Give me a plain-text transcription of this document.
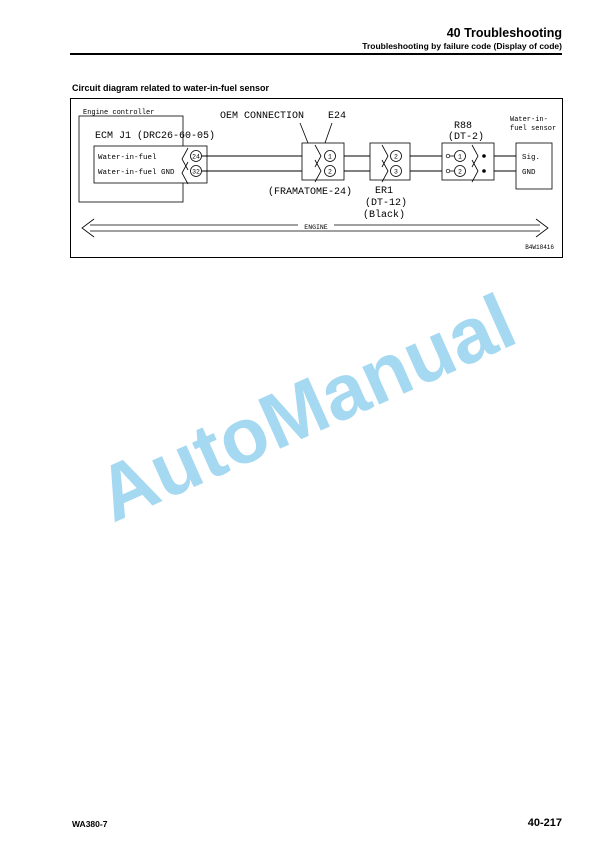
40 Troubleshooting
Troubleshooting by failure code (Display of code)
Circuit diagram related to water-in-fuel sensor
Engine controller
ECM J1 (DRC26-60-05)
Water-in-fuel
Water-in-fuel GND
24
32
OEM CONNECTION E24
1
2
(FRAMATOME-24)
2
3
ER1
(DT-12)
(Black)
R88
(DT-2)
1
2
Water-in-
fuel sensor
Sig.
GND
ENGINE
B4W18416
AutoManual
WA380-7	40-217
